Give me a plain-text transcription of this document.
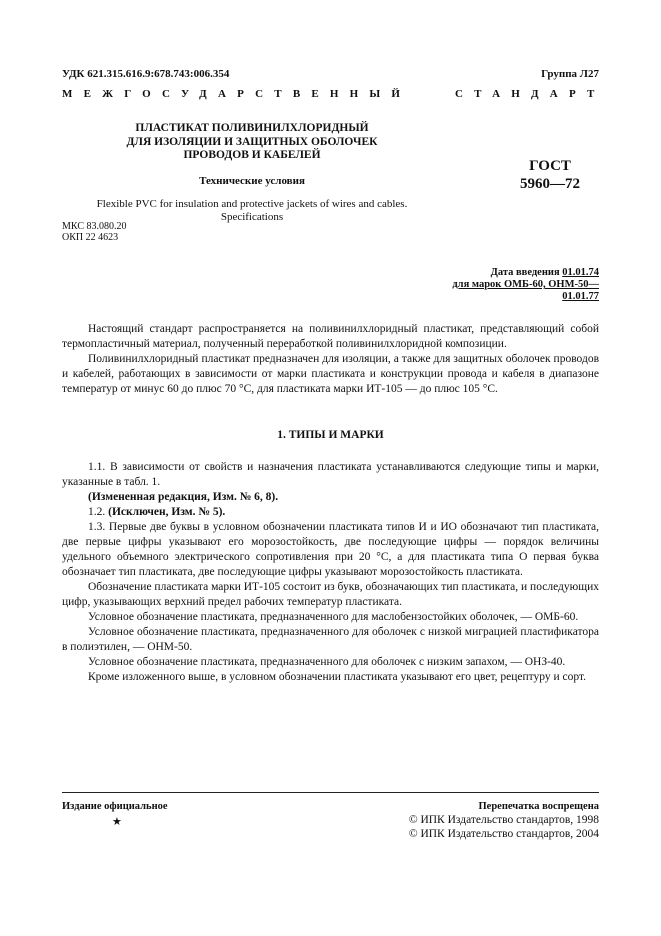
УДК 621.315.616.9:678.743:006.354	Группа Л27
МЕЖГОСУДАРСТВЕННЫЙ	СТАНДАРТ
ПЛАСТИКАТ ПОЛИВИНИЛХЛОРИДНЫЙ
ДЛЯ ИЗОЛЯЦИИ И ЗАЩИТНЫХ ОБОЛОЧЕК
ПРОВОДОВ И КАБЕЛЕЙ
Технические условия
ГОСТ
5960—72
Flexible PVC for insulation and protective jackets of wires and cables.
Specifications
МКС 83.080.20
ОКП 22 4623
Дата введения 01.01.74
для марок ОМБ-60, ОНМ-50—
01.01.77

Настоящий стандарт распространяется на поливинилхлоридный пластикат, представляющий собой термопластичный материал, полученный переработкой поливинилхлоридной композиции.

Поливинилхлоридный пластикат предназначен для изоляции, а также для защитных оболочек проводов и кабелей, работающих в зависимости от марки пластиката и конструкции провода и кабеля в диапазоне температур от минус 60 до плюс 70 °С, для пластиката марки ИТ-105 — до плюс 105 °С.

1. ТИПЫ И МАРКИ

1.1. В зависимости от свойств и назначения пластиката устанавливаются следующие типы и марки, указанные в табл. 1.

(Измененная редакция, Изм. № 6, 8).

1.2. (Исключен, Изм. № 5).

1.3. Первые две буквы в условном обозначении пластиката типов И и ИО обозначают тип пластиката, две первые цифры указывают его морозостойкость, две последующие цифры — порядок величины удельного объемного электрического сопротивления при 20 °С, а для пластиката типа О первая буква обозначает тип пластиката, две последующие цифры указывают морозостойкость пластиката.

Обозначение пластиката марки ИТ-105 состоит из букв, обозначающих тип пластиката, и последующих цифр, указывающих верхний предел рабочих температур пластиката.

Условное обозначение пластиката, предназначенного для маслобензостойких оболочек, — ОМБ-60.

Условное обозначение пластиката, предназначенного для оболочек с низкой миграцией пластификатора в полиэтилен, — ОНМ-50.

Условное обозначение пластиката, предназначенного для оболочек с низким запахом, — ОНЗ-40.

Кроме изложенного выше, в условном обозначении пластиката указывают его цвет, рецептуру и сорт.

Издание официальное
★
Перепечатка воспрещена
© ИПК Издательство стандартов, 1998
© ИПК Издательство стандартов, 2004
